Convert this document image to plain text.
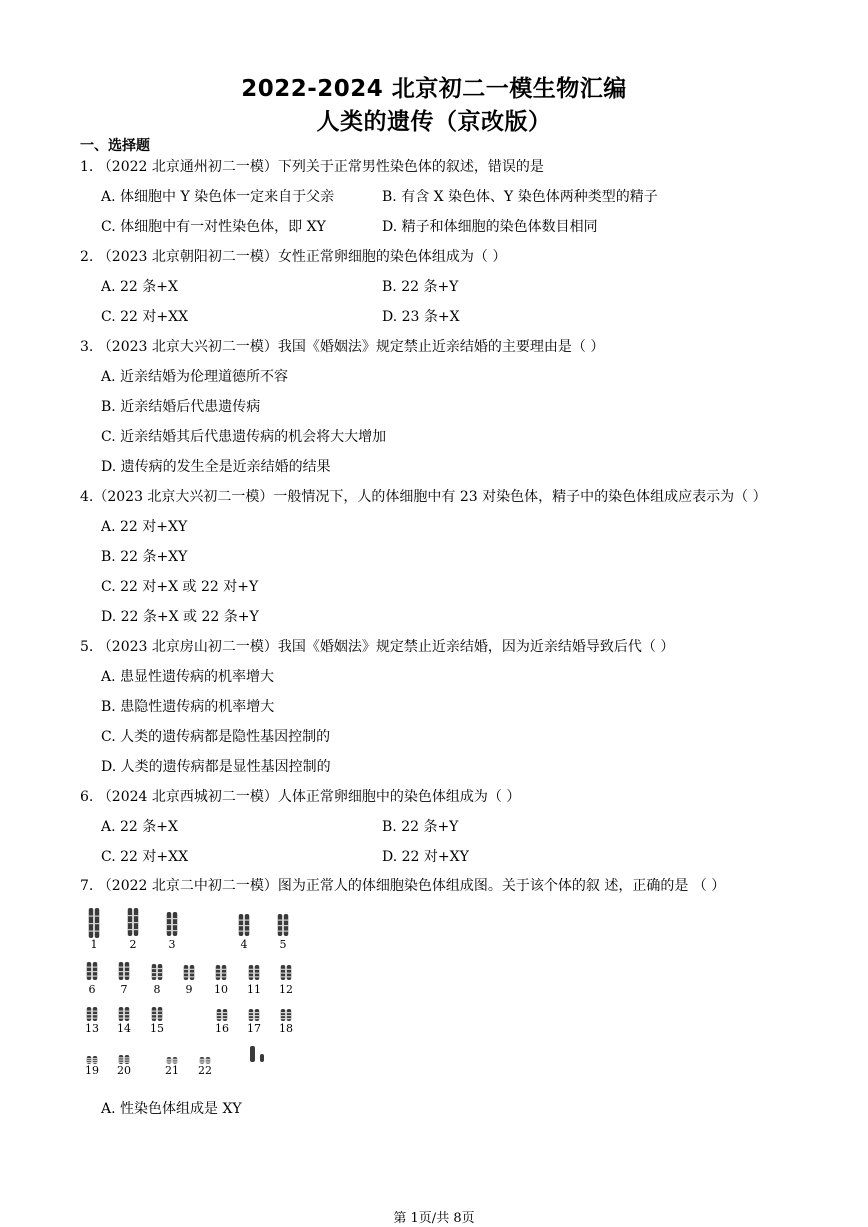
2022-2024 北京初二一模生物汇编
人类的遗传（京改版）
一、选择题
1. （2022 北京通州初二一模）下列关于正常男性染色体的叙述，错误的是
A. 体细胞中 Y 染色体一定来自于父亲	B. 有含 X 染色体、Y 染色体两种类型的精子
C. 体细胞中有一对性染色体，即 XY	D. 精子和体细胞的染色体数目相同
2. （2023 北京朝阳初二一模）女性正常卵细胞的染色体组成为（ ）
A. 22 条+X	B. 22 条+Y
C. 22 对+XX	D. 23 条+X
3. （2023 北京大兴初二一模）我国《婚姻法》规定禁止近亲结婚的主要理由是（ ）
A. 近亲结婚为伦理道德所不容
B. 近亲结婚后代患遗传病
C. 近亲结婚其后代患遗传病的机会将大大增加
D. 遗传病的发生全是近亲结婚的结果
4.（2023 北京大兴初二一模）一般情况下，人的体细胞中有 23 对染色体，精子中的染色体组成应表示为（ ）
A. 22 对+XY
B. 22 条+XY
C. 22 对+X 或 22 对+Y
D. 22 条+X 或 22 条+Y
5. （2023 北京房山初二一模）我国《婚姻法》规定禁止近亲结婚，因为近亲结婚导致后代（ ）
A. 患显性遗传病的机率增大
B. 患隐性遗传病的机率增大
C. 人类的遗传病都是隐性基因控制的
D. 人类的遗传病都是显性基因控制的
6. （2024 北京西城初二一模）人体正常卵细胞中的染色体组成为（ ）
A. 22 条+X	B. 22 条+Y
C. 22 对+XX	D. 22 对+XY
7. （2022 北京二中初二一模）图为正常人的体细胞染色体组成图。关于该个体的叙 述，正确的是 （ ）
1	2	3	4	5
6 7 8 9 10 11 12
13 14 15	16 17 18
19 20	21 22
A. 性染色体组成是 XY
第 1页/共 8页
